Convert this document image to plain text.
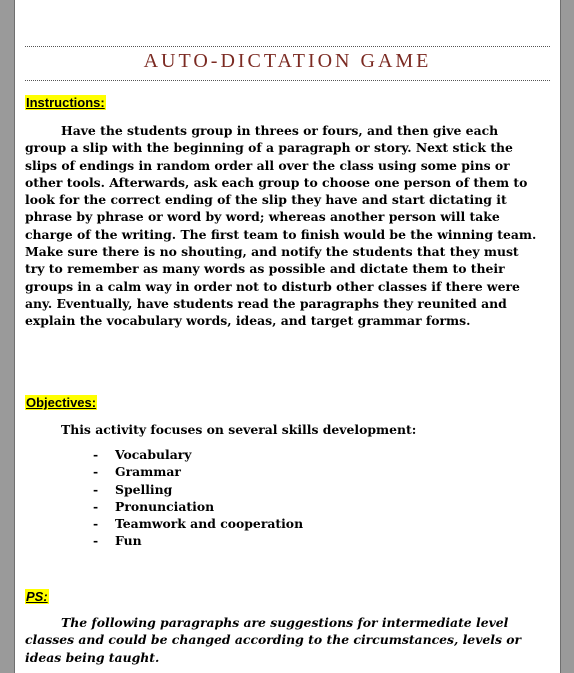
AUTO-DICTATION GAME
Instructions:
Have the students group in threes or fours, and then give each group a slip with the beginning of a paragraph or story. Next stick the slips of endings in random order all over the class using some pins or other tools. Afterwards, ask each group to choose one person of them to look for the correct ending of the slip they have and start dictating it phrase by phrase or word by word; whereas another person will take charge of the writing. The first team to finish would be the winning team. Make sure there is no shouting, and notify the students that they must try to remember as many words as possible and dictate them to their groups in a calm way in order not to disturb other classes if there were any. Eventually, have students read the paragraphs they reunited and explain the vocabulary words, ideas, and target grammar forms.
Objectives:
This activity focuses on several skills development:
- Vocabulary
- Grammar
- Spelling
- Pronunciation
- Teamwork and cooperation
- Fun
PS:
The following paragraphs are suggestions for intermediate level classes and could be changed according to the circumstances, levels or ideas being taught.
